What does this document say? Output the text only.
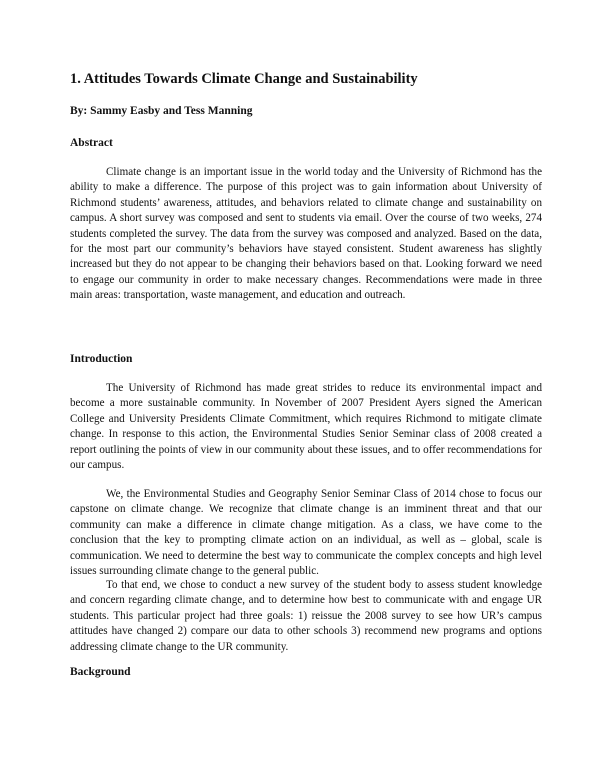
1. Attitudes Towards Climate Change and Sustainability
By: Sammy Easby and Tess Manning
Abstract

Climate change is an important issue in the world today and the University of Richmond has the ability to make a difference. The purpose of this project was to gain information about University of Richmond students’ awareness, attitudes, and behaviors related to climate change and sustainability on campus. A short survey was composed and sent to students via email. Over the course of two weeks, 274 students completed the survey. The data from the survey was composed and analyzed. Based on the data, for the most part our community’s behaviors have stayed consistent. Student awareness has slightly increased but they do not appear to be changing their behaviors based on that. Looking forward we need to engage our community in order to make necessary changes. Recommendations were made in three main areas: transportation, waste management, and education and outreach.

Introduction

The University of Richmond has made great strides to reduce its environmental impact and become a more sustainable community. In November of 2007 President Ayers signed the American College and University Presidents Climate Commitment, which requires Richmond to mitigate climate change. In response to this action, the Environmental Studies Senior Seminar class of 2008 created a report outlining the points of view in our community about these issues, and to offer recommendations for our campus.

We, the Environmental Studies and Geography Senior Seminar Class of 2014 chose to focus our capstone on climate change. We recognize that climate change is an imminent threat and that our community can make a difference in climate change mitigation. As a class, we have come to the conclusion that the key to prompting climate action on an individual, as well as – global, scale is communication. We need to determine the best way to communicate the complex concepts and high level issues surrounding climate change to the general public.

To that end, we chose to conduct a new survey of the student body to assess student knowledge and concern regarding climate change, and to determine how best to communicate with and engage UR students. This particular project had three goals: 1) reissue the 2008 survey to see how UR’s campus attitudes have changed 2) compare our data to other schools 3) recommend new programs and options addressing climate change to the UR community.

Background
